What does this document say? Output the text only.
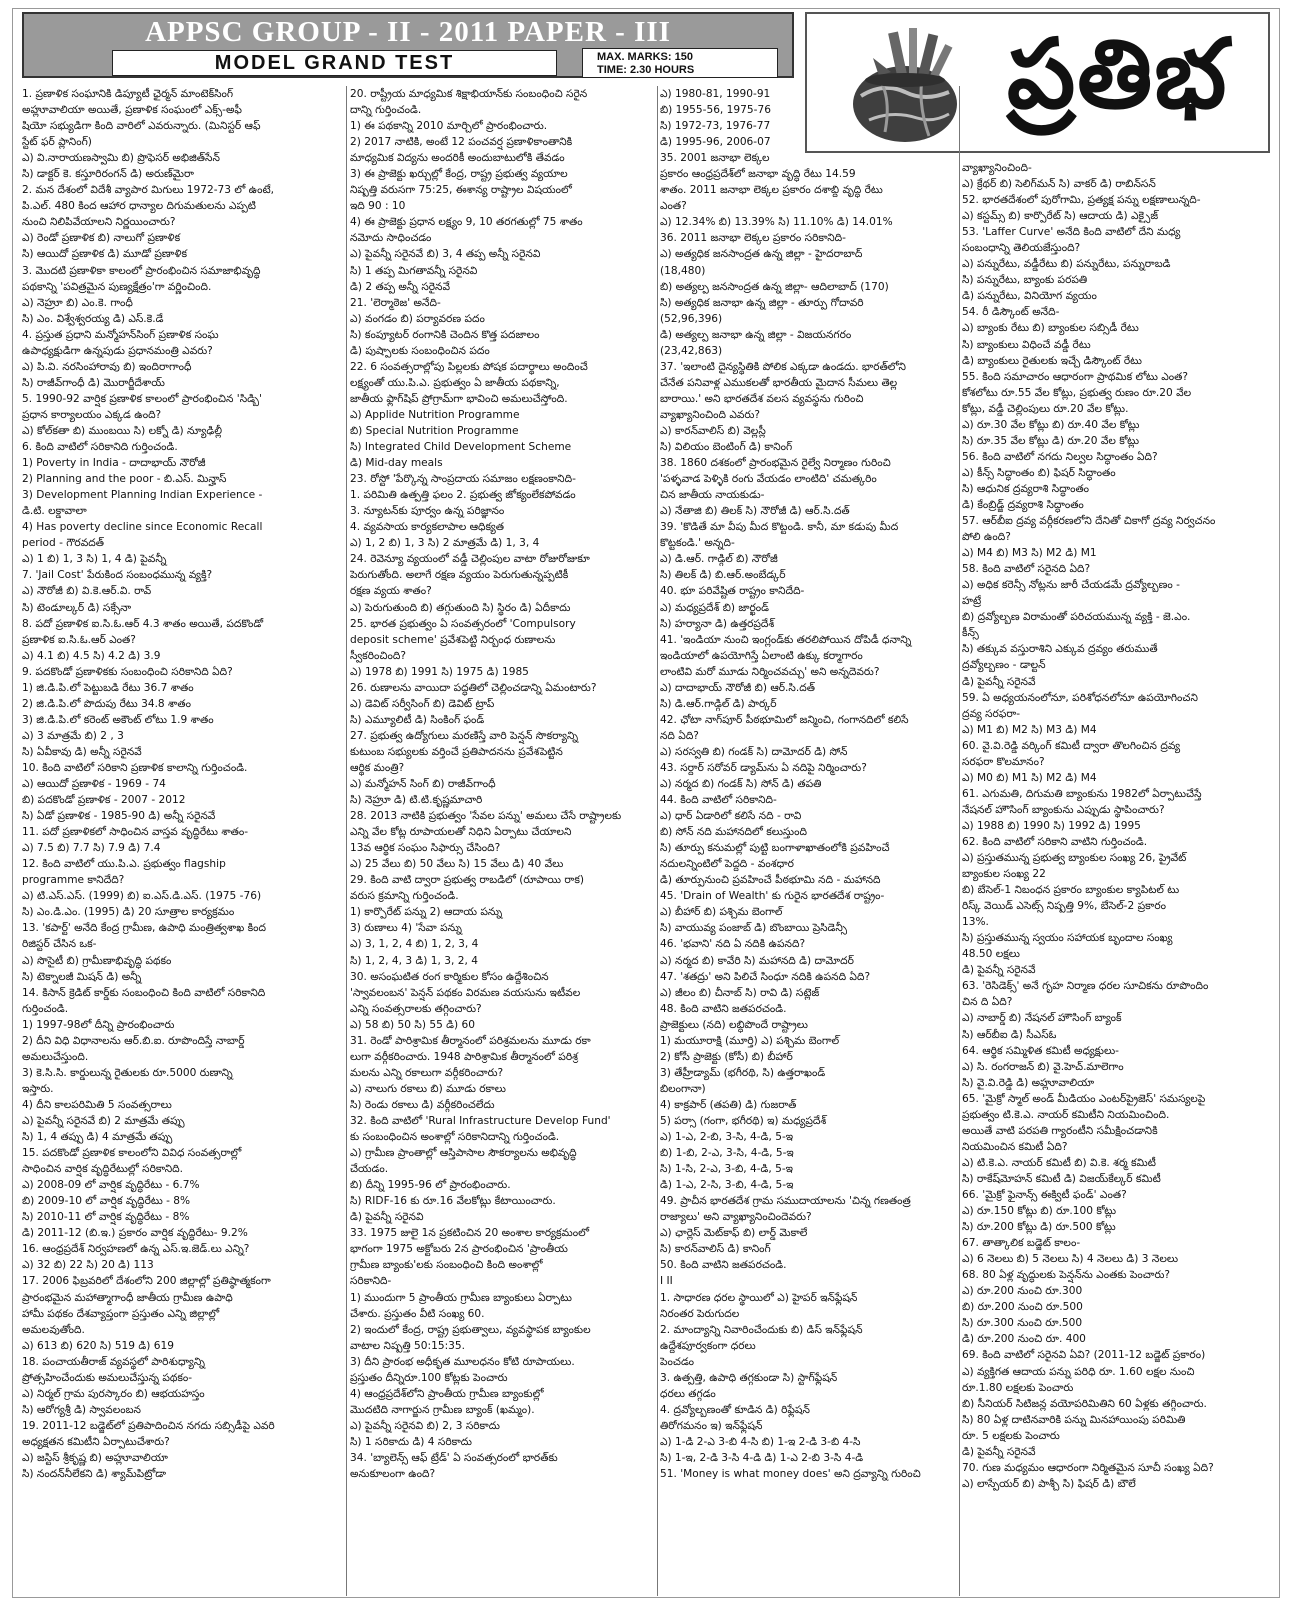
APPSC GROUP - II - 2011 PAPER - III
MODEL GRAND TEST	MAX. MARKS: 150
TIME: 2.30 HOURS	ప్రతిభ
1. ప్రణాళిక సంఘానికి డిప్యూటీ ఛైర్మన్ మాంటెక్‌సింగ్
అహ్లూవాలియా అయితే, ప్రణాళిక సంఘంలో ఎక్స్-అఫీ
షియో సభ్యుడిగా కింది వారిలో ఎవరున్నారు. (మినిస్టర్ ఆఫ్
స్టేట్ ఫర్ ప్లానింగ్)
ఎ) వి.నారాయణస్వామి బి) ప్రొఫెసర్ అభిజిత్‌సేన్
సి) డాక్టర్ కె. కస్తూరిరంగన్ డి) అరుణ్‌మైరా
2. మన దేశంలో విదేశీ వ్యాపార మిగులు 1972-73 లో ఉంటే,
పి.ఎల్. 480 కింద ఆహార ధాన్యాల దిగుమతులను ఎప్పటి
నుంచి నిలిపివేయాలని నిర్ణయించారు?
ఎ) రెండో ప్రణాళిక బి) నాలుగో ప్రణాళిక
సి) ఆయిదో ప్రణాళిక డి) మూడో ప్రణాళిక
3. మొదటి ప్రణాళికా కాలంలో ప్రారంభించిన సమాజాభివృద్ధి
పథకాన్ని 'పవిత్రమైన పుణ్యక్షేత్రం'గా వర్ణించింది.
ఎ) నెహ్రూ బి) ఎం.కె. గాంధీ
సి) ఎం. విశ్వేశ్వరయ్య డి) ఎస్.కె.డే
4. ప్రస్తుత ప్రధాని మన్మోహన్‌సింగ్ ప్రణాళిక సంఘ
ఉపాధ్యక్షుడిగా ఉన్నపుడు ప్రధానమంత్రి ఎవరు?
ఎ) పి.వి. నరసింహారావు బి) ఇందిరాగాంధీ
సి) రాజీవ్‌గాంధీ డి) మొరార్జీదేశాయ్
5. 1990-92 వార్షిక ప్రణాళిక కాలంలో ప్రారంభించిన 'సిడ్బి'
ప్రధాన కార్యాలయం ఎక్కడ ఉంది?
ఎ) కోల్‌కతా బి) ముంబయి సి) లక్నో డి) న్యూఢిల్లీ
6. కింది వాటిలో సరికానిది గుర్తించండి.
1) Poverty in India - దాదాభాయ్ నౌరోజీ
2) Planning and the poor - బి.ఎస్. మిన్హాస్
3) Development Planning Indian Experience -
డి.టి. లక్డావాలా
4) Has poverty decline since Economic Recall
period - గౌరవదత్
ఎ) 1 బి) 1, 3 సి) 1, 4 డి) పైవన్నీ
7. 'Jail Cost' పేరుకింద సంబంధమున్న వ్యక్తి?
ఎ) నౌరోజీ బి) వి.కె.ఆర్.వి. రావ్
సి) టెండూల్కర్ డి) సక్సేనా
8. పదో ప్రణాళిక ఐ.సి.ఓ.ఆర్ 4.3 శాతం అయితే, పదకొండో
ప్రణాళిక ఐ.సి.ఓ.ఆర్ ఎంత?
ఎ) 4.1 బి) 4.5 సి) 4.2 డి) 3.9
9. పదకొండో ప్రణాళికకు సంబంధించి సరికానిది ఏది?
1) జి.డి.పి.లో పెట్టుబడి రేటు 36.7 శాతం
2) జి.డి.పి.లో పొదుపు రేటు 34.8 శాతం
3) జి.డి.పి.లో కరెంట్ అకౌంట్ లోటు 1.9 శాతం
ఎ) 3 మాత్రమే బి) 2 , 3
సి) ఏవీకావు డి) అన్నీ సరైనవే
10. కింది వాటిలో సరికాని ప్రణాళిక కాలాన్ని గుర్తించండి.
ఎ) ఆయిదో ప్రణాళిక - 1969 - 74
బి) పదకొండో ప్రణాళిక - 2007 - 2012
సి) ఏడో ప్రణాళిక - 1985-90 డి) అన్నీ సరైనవే
11. పదో ప్రణాళికలో సాధించిన వాస్తవ వృద్ధిరేటు శాతం-
ఎ) 7.5 బి) 7.7 సి) 7.9 డి) 7.4
12. కింది వాటిలో యు.పి.ఎ. ప్రభుత్వం flagship
programme కానిదేది?
ఎ) టి.ఎస్.ఎస్. (1999) బి) ఐ.ఎస్.డి.ఎస్. (1975 -76)
సి) ఎం.డి.ఎం. (1995) డి) 20 సూత్రాల కార్యక్రమం
13. 'కపార్ట్' అనేది కేంద్ర గ్రామీణ, ఉపాధి మంత్రిత్వశాఖ కింద
రిజిస్టర్ చేసిన ఒక-
ఎ) సొసైటీ బి) గ్రామీణాభివృద్ధి పథకం
సి) టెక్నాలజీ మిషన్ డి) అన్నీ
14. కిసాన్ క్రెడిట్ కార్డ్‌కు సంబంధించి కింది వాటిలో సరికానిది
గుర్తించండి.
1) 1997-98లో దీన్ని ప్రారంభించారు
2) దీని విధి విధానాలను ఆర్.బి.ఐ. రూపొందిస్తే నాబార్డ్
అమలుచేస్తుంది.
3) కె.సి.సి. కార్డులున్న రైతులకు రూ.5000 రుణాన్ని
ఇస్తారు.
4) దీని కాలపరిమితి 5 సంవత్సరాలు
ఎ) పైవన్నీ సరైనవే బి) 2 మాత్రమే తప్పు
సి) 1, 4 తప్పు డి) 4 మాత్రమే తప్పు
15. పదకొండో ప్రణాళిక కాలంలోని వివిధ సంవత్సరాల్లో
సాధించిన వార్షిక వృద్ధిరేటుల్లో సరికానిది.
ఎ) 2008-09 లో వార్షిక వృద్ధిరేటు - 6.7%
బి) 2009-10 లో వార్షిక వృద్ధిరేటు - 8%
సి) 2010-11 లో వార్షిక వృద్ధిరేటు - 8%
డి) 2011-12 (బి.ఇ.) ప్రకారం వార్షిక వృద్ధిరేటు- 9.2%
16. ఆంధ్రప్రదేశ్ నిర్వహణలో ఉన్న ఎస్.ఇ.జెడ్.లు ఎన్ని?
ఎ) 32 బి) 22 సి) 20 డి) 113
17. 2006 ఫిబ్రవరిలో దేశంలోని 200 జిల్లాల్లో ప్రతిష్ఠాత్మకంగా
ప్రారంభమైన మహాత్మాగాంధీ జాతీయ గ్రామీణ ఉపాధి
హామీ పథకం దేశవ్యాప్తంగా ప్రస్తుతం ఎన్ని జిల్లాల్లో
అమలవుతోంది.
ఎ) 613 బి) 620 సి) 519 డి) 619
18. పంచాయతీరాజ్ వ్యవస్థలో పారిశుధ్యాన్ని
ప్రోత్సహించేందుకు అమలుచేస్తున్న పథకం-
ఎ) నిర్మల్ గ్రామ పురస్కారం బి) ఆభయహస్తం
సి) ఆరోగ్యశ్రీ డి) స్వావలంబన
19. 2011-12 బడ్జెట్‌లో ప్రతిపాదించిన నగదు సబ్సిడీపై ఎవరి
అధ్యక్షతన కమిటీని ఏర్పాటుచేశారు?
ఎ) జస్టిస్ శ్రీకృష్ణ బి) అహ్లూవాలియా
సి) నందన్‌నీలేకని డి) శ్యామ్‌పిట్రోడా
20. రాష్ట్రీయ మాధ్యమిక శిక్షాభియాన్‌కు సంబంధించి సరైన
దాన్ని గుర్తించండి.
1) ఈ పథకాన్ని 2010 మార్చిలో ప్రారంభించారు.
2) 2017 నాటికి, అంటే 12 పంచవర్ష ప్రణాళికాంతానికి
మాధ్యమిక విద్యను అందరికీ అందుబాటులోకి తేవడం
3) ఈ ప్రాజెక్టు ఖర్చుల్లో కేంద్ర, రాష్ట్ర ప్రభుత్వ వ్యయాల
నిష్పత్తి వరుసగా 75:25, ఈశాన్య రాష్ట్రాల విషయంలో
ఇది 90 : 10
4) ఈ ప్రాజెక్టు ప్రధాన లక్ష్యం 9, 10 తరగతుల్లో 75 శాతం
నమోదు సాధించడం
ఎ) పైవన్నీ సరైనవే బి) 3, 4 తప్ప అన్నీ సరైనవి
సి) 1 తప్ప మిగతావన్నీ సరైనవి
డి) 2 తప్ప అన్నీ సరైనవే
21. 'లెర్మాఠెజ' అనేది-
ఎ) వంగడం బి) పర్యావరణ పదం
సి) కంప్యూటర్ రంగానికి చెందిన కొత్త పదజాలం
డి) పుష్పాలకు సంబంధించిన పదం
22. 6 సంవత్సరాల్లోపు పిల్లలకు పోషక పదార్థాలు అందించే
లక్ష్యంతో యు.పి.ఎ. ప్రభుత్వం ఏ జాతీయ పథకాన్ని,
జాతీయ ఫ్లాగ్‌షిప్ ప్రోగ్రామ్‌గా భావించి అమలుచేస్తోంది.
ఎ) Applide Nutrition Programme
బి) Special Nutrition Programme
సి) Integrated Child Development Scheme
డి) Mid-day meals
23. రోస్టో 'పేర్కొన్న సాంప్రదాయ సమాజం లక్షణంకానిది-
1. పరిమితి ఉత్పత్తి ఫలం 2. ప్రభుత్వ జోక్యంలేకపోవడం
3. న్యూటన్‌కు పూర్వం ఉన్న పరిజ్ఞానం
4. వ్యవసాయ కార్యకలాపాల ఆధిక్యత
ఎ) 1, 2 బి) 1, 3 సి) 2 మాత్రమే డి) 1, 3, 4
24. రెవెన్యూ వ్యయంలో వడ్డీ చెల్లింపుల వాటా రోజురోజుకూ
పెరుగుతోంది. అలాగే రక్షణ వ్యయం పెరుగుతున్నప్పటికీ
రక్షణ వ్యయ శాతం?
ఎ) పెరుగుతుంది బి) తగ్గుతుంది సి) స్థిరం డి) ఏదీకాదు
25. భారత ప్రభుత్వం ఏ సంవత్సరంలో 'Compulsory
deposit scheme' ప్రవేశపెట్టి నిర్బంధ రుణాలను
స్వీకరించింది?
ఎ) 1978 బి) 1991 సి) 1975 డి) 1985
26. రుణాలను వాయిదా పద్ధతిలో చెల్లించడాన్ని ఏమంటారు?
ఎ) డెవిట్ సర్వీసింగ్ బి) డెవిట్ ట్రాప్
సి) ఎమ్యూలిటీ డి) సింకింగ్ ఫండ్
27. ప్రభుత్వ ఉద్యోగులు మరణిస్తే వారి పెన్షన్ సొకర్యాన్ని
కుటుంబ సభ్యులకు వర్తించే ప్రతిపాదనను ప్రవేశపెట్టిన
ఆర్థిక మంత్రి?
ఎ) మన్మోహన్ సింగ్ బి) రాజీవ్‌గాంధీ
సి) నెహ్రూ డి) టి.టి.కృష్ణమాచారి
28. 2013 నాటికి ప్రభుత్వం 'సేవల పన్ను' అమలు చేసే రాష్ట్రాలకు
ఎన్ని వేల కోట్ల రూపాయలతో నిధిని ఏర్పాటు చేయాలని
13వ ఆర్థిక సంఘం సిఫార్సు చేసింది?
ఎ) 25 వేలు బి) 50 వేలు సి) 15 వేలు డి) 40 వేలు
29. కింది వాటి ద్వారా ప్రభుత్వ రాబడిలో (రూపాయి రాక)
వరుస క్రమాన్ని గుర్తించండి.
1) కార్పొరేట్ పన్ను 2) ఆదాయ పన్ను
3) రుణాలు 4) 'సేవా పన్ను
ఎ) 3, 1, 2, 4 బి) 1, 2, 3, 4
సి) 1, 2, 4, 3 డి) 1, 3, 2, 4
30. అసంఘటిత రంగ కార్మికుల కోసం ఉద్దేశించిన
'స్వావలంబన' పెన్షన్ పథకం విరమణ వయసును ఇటీవల
ఎన్ని సంవత్సరాలకు తగ్గించారు?
ఎ) 58 బి) 50 సి) 55 డి) 60
31. రెండో పారిశ్రామిక తీర్మానంలో పరిశ్రమలను మూడు రకా
లుగా వర్గీకరించారు. 1948 పారిశ్రామిక తీర్మానంలో పరిశ్ర
మలను ఎన్ని రకాలుగా వర్గీకరించారు?
ఎ) నాలుగు రకాలు బి) మూడు రకాలు
సి) రెండు రకాలు డి) వర్గీకరించలేదు
32. కింది వాటిలో 'Rural Infrastructure Develop Fund'
కు సంబంధించిన అంశాల్లో సరికానిదాన్ని గుర్తించండి.
ఎ) గ్రామీణ ప్రాంతాల్లో ఆస్తిపాసాల సౌకర్యాలను అభివృద్ధి
చేయడం.
బి) దీన్ని 1995-96 లో ప్రారంభించారు.
సి) RIDF-16 కు రూ.16 వేలకోట్లు కేటాయించారు.
డి) పైవన్నీ సరైనవి
33. 1975 జులై 1న ప్రకటించిన 20 అంశాల కార్యక్రమంలో
భాగంగా 1975 అక్టోబరు 2న ప్రారంభించిన 'ప్రాంతీయ
గ్రామీణ బ్యాంకు'లకు సంబంధించి కింది అంశాల్లో
సరికానిది-
1) ముందుగా 5 ప్రాంతీయ గ్రామీణ బ్యాంకులు ఏర్పాటు
చేశారు. ప్రస్తుతం వీటి సంఖ్య 60.
2) ఇందులో కేంద్ర, రాష్ట్ర ప్రభుత్వాలు, వ్యవస్థాపక బ్యాంకుల
వాటాల నిష్పత్తి 50:15:35.
3) దీని ప్రారంభ అధీకృత మూలధనం కోటి రూపాయలు.
ప్రస్తుతం దీన్నిరూ.100 కోట్లకు పెంచారు
4) ఆంధ్రప్రదేశ్‌లోని ప్రాంతీయ గ్రామీణ బ్యాంకుల్లో
మొదటిది నాగార్జున గ్రామీణ బ్యాంక్ (ఖమ్మం).
ఎ) పైవన్నీ సరైనవి బి) 2, 3 సరికాదు
సి) 1 సరికాదు డి) 4 సరికాదు
34. 'బ్యాలెన్స్ ఆఫ్ ట్రేడ్' ఏ సంవత్సరంలో భారత్‌కు
అనుకూలంగా ఉంది?
ఎ) 1980-81, 1990-91
బి) 1955-56, 1975-76
సి) 1972-73, 1976-77
డి) 1995-96, 2006-07
35. 2001 జనాభా లెక్కల
ప్రకారం ఆంధ్రప్రదేశ్‌లో జనాభా వృద్ధి రేటు 14.59
శాతం. 2011 జనాభా లెక్కల ప్రకారం దశాబ్ది వృద్ధి రేటు
ఎంత?
ఎ) 12.34% బి) 13.39% సి) 11.10% డి) 14.01%
36. 2011 జనాభా లెక్కల ప్రకారం సరికానిది-
ఎ) అత్యధిక జనసాంద్రత ఉన్న జిల్లా - హైదరాబాద్
(18,480)
బి) అత్యల్ప జనసాంద్రత ఉన్న జిల్లా- ఆదిలాబాద్ (170)
సి) అత్యధిక జనాభా ఉన్న జిల్లా - తూర్పు గోదావరి
(52,96,396)
డి) అత్యల్ప జనాభా ఉన్న జిల్లా - విజయనగరం
(23,42,863)
37. 'ఇలాంటి దైన్యస్థితికి పోలిక ఎక్కడా ఉండదు. భారత్‌లోని
చేనేత పనివాళ్ల ఎముకలతో భారతీయ మైదాన సీమలు తెల్ల
బారాయి.' అని భారతదేశ వలస వ్యవస్థను గురించి
వ్యాఖ్యానించింది ఎవరు?
ఎ) కారన్‌వాలిస్ బి) వెల్లస్లీ
సి) విలియం బెంటింగ్ డి) కానింగ్
38. 1860 దశకంలో ప్రారంభమైన రైల్వే నిర్మాణం గురించి
'పళ్ళవాడ పెళ్ళికి రంగు వేయడం లాంటిది' చమత్కరిం
చిన జాతీయ నాయకుడు-
ఎ) నేతాజి బి) తిలక్ సి) నౌరోజీ డి) ఆర్.సి.దత్
39. 'కొడితే మా వీపు మీద కొట్టండి. కానీ, మా కడుపు మీద
కొట్టకండి.' అన్నది-
ఎ) డి.ఆర్. గాడ్గిల్ బి) నౌరోజీ
సి) తిలక్ డి) బి.ఆర్.అంబేడ్కర్
40. భూ పరివేష్టిత రాష్ట్రం కానిదేది-
ఎ) మధ్యప్రదేశ్ బి) జార్ఖండ్
సి) హర్యానా డి) ఉత్తరప్రదేశ్
41. 'ఇండియా నుంచి ఇంగ్లండ్‌కు తరలిపోయిన దోపిడీ ధనాన్ని
ఇండియాలో ఉపయోగిస్తే ఏలాంటి ఉక్కు కర్మాగారం
లాంటివి మరో మూడు నిర్మించవచ్చు' అని అన్నదెవరు?
ఎ) దాదాభాయ్ నౌరోజీ బి) ఆర్.సి.దత్
సి) డి.ఆర్.గాడ్గిల్ డి) పార్కర్
42. ఛోటా నాగ్‌పూర్ పీఠభూమిలో జన్మించి, గంగానదిలో కలిసే
నది ఏది?
ఎ) సరస్వతి బి) గండక్ సి) దామోదర్ డి) సోన్
43. సర్దార్ సరోవర్ డ్యామ్‌ను ఏ నదిపై నిర్మించారు?
ఎ) నర్మద బి) గండక్ సి) సోన్ డి) తపతి
44. కింది వాటిలో సరికానిది-
ఎ) ధార్ ఏడారిలో కలిసే నది - రావి
బి) సోన్ నది మహానదిలో కలుస్తుంది
సి) తూర్పు కనుమల్లో పుట్టి బంగాళాఖాతంలోకి ప్రవహించే
నదులన్నింటిలో పెద్దది - వంశధార
డి) తూర్పునుంచి ప్రవహించే పీఠభూమి నది - మహానది
45. 'Drain of Wealth' కు గురైన భారతదేశ రాష్ట్రం-
ఎ) బీహార్ బి) పశ్చిమ బెంగాల్
సి) వాయువ్య పంజాబ్ డి) బొంబాయి ప్రెసిడెన్సీ
46. 'భవాని' నది ఏ నదికి ఉపనది?
ఎ) నర్మద బి) కావేరి సి) మహానది డి) దామోదర్
47. 'శతద్రు' అని పిలిచే సింధూ నదికి ఉపనది ఏది?
ఎ) జీలం బి) చీనాబ్ సి) రావి డి) సట్లెజ్
48. కింది వాటిని జతపరచండి.
ప్రాజెక్టులు (నది) లబ్ధిపొందే రాష్ట్రాలు
1) మయూరాక్షి (మూర్తి) ఎ) పశ్చిమ బెంగాల్
2) కోసీ ప్రాజెక్టు (కోసీ) బి) బీహార్
3) తేహ్రీడ్యామ్ (భగీరథి, సి) ఉత్తరాఖండ్
బిలంగానా)
4) కాక్రపార్ (తపతి) డి) గుజరాత్
5) పర్సా (గంగా, భగీరథి) ఇ) మధ్యప్రదేశ్
ఎ) 1-ఎ, 2-బి, 3-సి, 4-డి, 5-ఇ
బి) 1-బి, 2-ఎ, 3-సి, 4-డి, 5-ఇ
సి) 1-సి, 2-ఎ, 3-బి, 4-డి, 5-ఇ
డి) 1-ఎ, 2-సి, 3-బి, 4-డి, 5-ఇ
49. ప్రాచీన భారతదేశ గ్రామ సముదాయాలను 'చిన్న గణతంత్ర
రాజ్యాలు' అని వ్యాఖ్యానించిందెవరు?
ఎ) ఛార్లెస్ మెట్‌కాఫ్ బి) లార్డ్ మెకాలే
సి) కారన్‌వాలిస్ డి) కానింగ్
50. కింది వాటిని జతపరచండి.
I II
1. సాధారణ ధరల స్థాయిలో ఎ) హైపర్ ఇన్‌ఫ్లేషన్
నిరంతర పెరుగుదల
2. మాంద్యాన్ని నివారించేందుకు బి) డిస్ ఇన్‌ఫ్లేషన్
ఉద్దేశపూర్వకంగా ధరలు
పెంచడం
3. ఉత్పత్తి, ఉపాధి తగ్గకుండా సి) స్టాగ్‌ఫ్లేషన్
ధరలు తగ్గడం
4. ద్రవ్యోల్బణంతో కూడిన డి) రిఫ్లేషన్
తిరోగమనం ఇ) ఇన్‌ఫ్లేషన్
ఎ) 1-డి 2-ఎ 3-బి 4-సి బి) 1-ఇ 2-డి 3-బి 4-సి
సి) 1-ఇ, 2-డి 3-సి 4-డి డి) 1-ఎ 2-బి 3-సి 4-డి
51. 'Money is what money does' అని ద్రవ్యాన్ని గురించి
వ్యాఖ్యానించింది-
ఎ) క్రేథర్ బి) సెలిగ్‌మన్ సి) వాకర్ డి) రాబిన్‌సన్
52. భారతదేశంలో పురోగామి, ప్రత్యక్ష పన్ను లక్షణాలున్నది-
ఎ) కస్టమ్స్ బి) కార్పొరేట్ సి) ఆదాయ డి) ఎక్సైజ్
53. 'Laffer Curve' అనేది కింది వాటిలో దేని మధ్య
సంబంధాన్ని తెలియజేస్తుంది?
ఎ) పన్నురేటు, వడ్డీరేటు బి) పన్నురేటు, పన్నురాబడి
సి) పన్నురేటు, బ్యాంకు పరపతి
డి) పన్నురేటు, వినియోగ వ్యయం
54. రీ డిస్కౌంట్ అనేది-
ఎ) బ్యాంకు రేటు బి) బ్యాంకుల సబ్సిడీ రేటు
సి) బ్యాంకులు విధించే వడ్డీ రేటు
డి) బ్యాంకులు రైతులకు ఇచ్చే డిస్కౌంట్ రేటు
55. కింది సమాచారం ఆధారంగా ప్రాథమిక లోటు ఎంత?
కోశలోటు రూ.55 వేల కోట్లు, ప్రభుత్వ రుణం రూ.20 వేల
కోట్లు, వడ్డీ చెల్లింపులు రూ.20 వేల కోట్లు.
ఎ) రూ.30 వేల కోట్లు బి) రూ.40 వేల కోట్లు
సి) రూ.35 వేల కోట్లు డి) రూ.20 వేల కోట్లు
56. కింది వాటిలో నగదు నిల్వల సిద్ధాంతం ఏది?
ఎ) కీన్స్ సిద్ధాంతం బి) ఫిషర్ సిద్ధాంతం
సి) ఆధునిక ద్రవ్యరాశి సిద్ధాంతం
డి) కేంబ్రిడ్జ్ ద్రవ్యరాశి సిద్ధాంతం
57. ఆర్‌బీఐ ద్రవ్య వర్గీకరణలోని దేనితో చికాగో ద్రవ్య నిర్వచనం
పోలి ఉంది?
ఎ) M4 బి) M3 సి) M2 డి) M1
58. కింది వాటిలో సరైనది ఏది?
ఎ) అధిక కరెన్సీ నోట్లను జారీ చేయడమే ద్రవ్యోల్బణం -
హట్రే
బి) ద్రవ్యోల్బణ విరామంతో పరిచయమున్న వ్యక్తి - జె.ఎం.
కీన్స్
సి) తక్కువ వస్తురాశిని ఎక్కువ ద్రవ్యం తరుముతే
ద్రవ్యోల్బణం - డాల్టన్
డి) పైవన్నీ సరైనవే
59. ఏ అధ్యయనంలోనూ, పరిశోధనలోనూ ఉపయోగించని
ద్రవ్య సరఫరా-
ఎ) M1 బి) M2 సి) M3 డి) M4
60. వై.వి.రెడ్డి వర్కింగ్ కమిటీ ద్వారా తొలగించిన ద్రవ్య
సరఫరా కొలమానం?
ఎ) M0 బి) M1 సి) M2 డి) M4
61. ఎగుమతి, దిగుమతి బ్యాంకును 1982లో ఏర్పాటుచేస్తే
నేషనల్ హౌసింగ్ బ్యాంకును ఎప్పుడు స్థాపించారు?
ఎ) 1988 బి) 1990 సి) 1992 డి) 1995
62. కింది వాటిలో సరికాని వాటిని గుర్తించండి.
ఎ) ప్రస్తుతమున్న ప్రభుత్వ బ్యాంకుల సంఖ్య 26, ప్రైవేట్
బ్యాంకుల సంఖ్య 22
బి) బేసెల్-1 నిబంధన ప్రకారం బ్యాంకుల క్యాపిటల్ టు
రిస్క్ వెయిడ్ ఎసెట్స్ నిష్పత్తి 9%, బేసెల్-2 ప్రకారం
13%.
సి) ప్రస్తుతమున్న స్వయం సహాయక బృందాల సంఖ్య
48.50 లక్షలు
డి) పైవన్నీ సరైనవే
63. 'రెసిడెక్స్' అనే గృహ నిర్మాణ ధరల సూచికను రూపొందిం
చిన ది ఏది?
ఎ) నాబార్డ్ బి) నేషనల్ హౌసింగ్ బ్యాంక్
సి) ఆర్‌బీఐ డి) సీఎస్ఓ
64. ఆర్థిక సమ్మిళిత కమిటీ అధ్యక్షులు-
ఎ) సి. రంగరాజన్ బి) వై.హెచ్.మాలెగాం
సి) వై.వి.రెడ్డి డి) అహ్లూవాలియా
65. 'మైక్రో స్మాల్ అండ్ మీడియం ఎంటర్‌ప్రైజెస్' సమస్యలపై
ప్రభుత్వం టి.కె.ఎ. నాయర్ కమిటీని నియమించింది.
అయితే వాటి పరపతి గ్యారంటీని సమీక్షించడానికి
నియమించిన కమిటీ ఏది?
ఎ) టి.కె.ఎ. నాయర్ కమిటీ బి) వి.కె. శర్మ కమిటీ
సి) రాకేష్‌మోహన్ కమిటీ డి) విజయ్‌కేల్కర్ కమిటీ
66. 'మైక్రో ఫైనాన్స్ ఈక్విటీ ఫండ్' ఎంత?
ఎ) రూ.150 కోట్లు బి) రూ.100 కోట్లు
సి) రూ.200 కోట్లు డి) రూ.500 కోట్లు
67. తాత్కాలిక బడ్జెట్ కాలం-
ఎ) 6 నెలలు బి) 5 నెలలు సి) 4 నెలలు డి) 3 నెలలు
68. 80 ఏళ్ల వృద్ధులకు పెన్షన్‌ను ఎంతకు పెంచారు?
ఎ) రూ.200 నుంచి రూ.300
బి) రూ.200 నుంచి రూ.500
సి) రూ.300 నుంచి రూ.500
డి) రూ.200 నుంచి రూ. 400
69. కింది వాటిలో సరైనవి ఏవి? (2011-12 బడ్జెట్ ప్రకారం)
ఎ) వ్యక్తిగత ఆదాయ పన్ను పరిధి రూ. 1.60 లక్షల నుంచి
రూ.1.80 లక్షలకు పెంచారు
బి) సీనియర్ సిటిజన్ల వయోపరిమితిని 60 ఏళ్లకు తగ్గించారు.
సి) 80 ఏళ్ల దాటినవారికి పన్ను మినహాయింపు పరిమితి
రూ. 5 లక్షలకు పెంచారు
డి) పైవన్నీ సరైనవే
70. గుణ మధ్యమం ఆధారంగా నిర్మితమైన సూచీ సంఖ్య ఏది?
ఎ) లాస్పేయర్ బి) పాశ్చీ సి) ఫిషర్ డి) బౌలే
